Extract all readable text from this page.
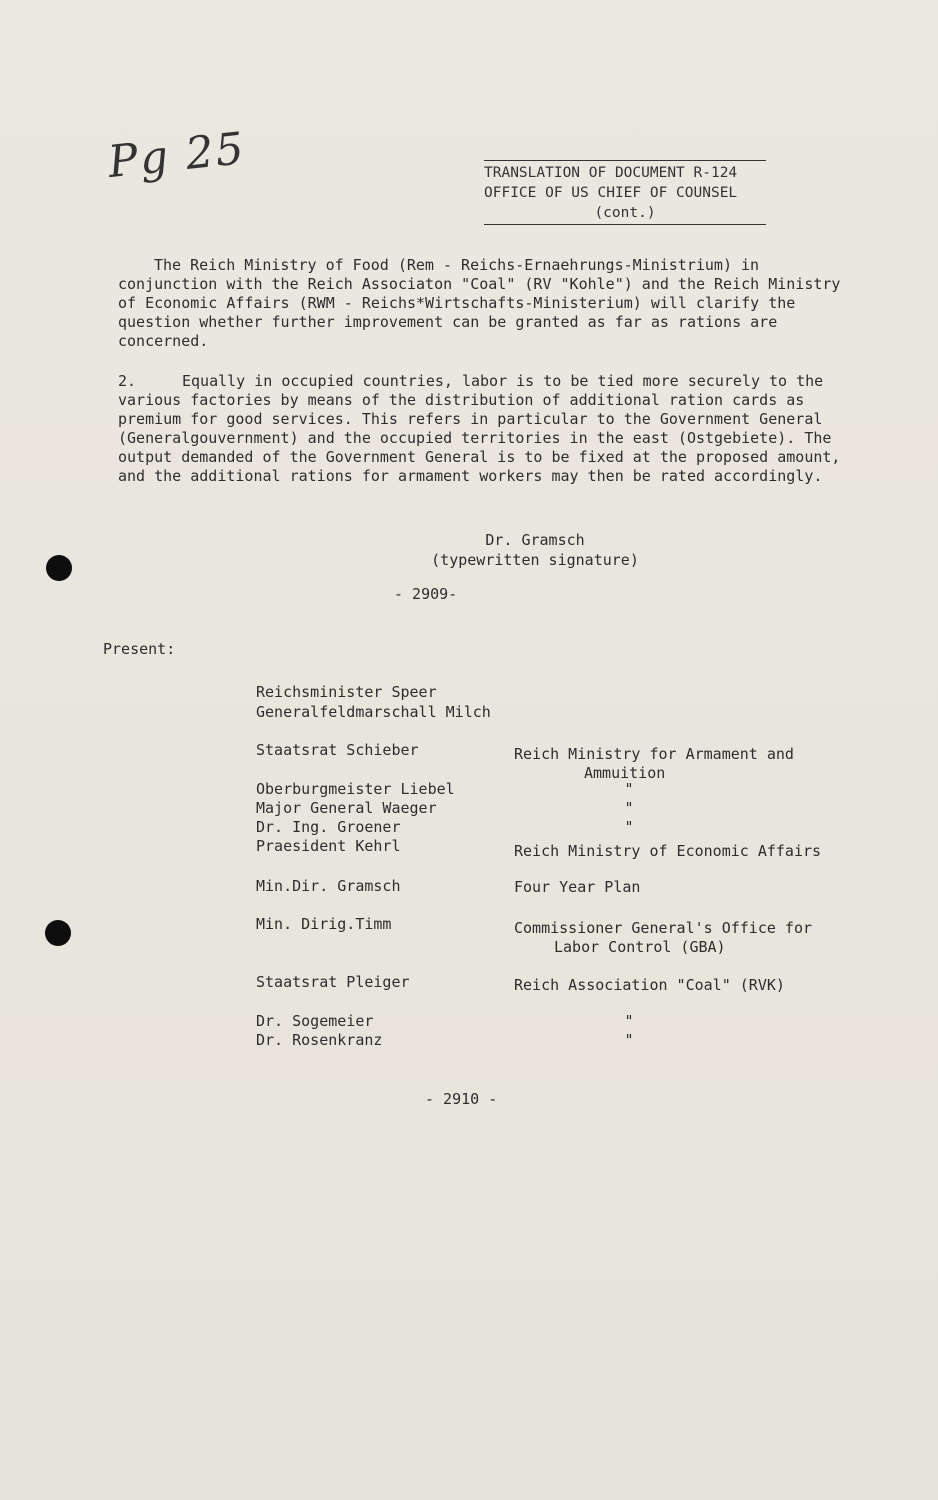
Pg 25	TRANSLATION OF DOCUMENT R-124
OFFICE OF US CHIEF OF COUNSEL
(cont.)

The Reich Ministry of Food (Rem - Reichs-Ernaehrungs-Ministrium) in conjunction with the Reich Associaton "Coal" (RV "Kohle") and the Reich Ministry of Economic Affairs (RWM - Reichs*Wirtschafts-Ministerium) will clarify the question whether further improvement can be granted as far as rations are concerned.

2.	Equally in occupied countries, labor is to be tied more securely to the various factories by means of the distribution of additional ration cards as premium for good services. This refers in particular to the Government General (Generalgouvernment) and the occupied territories in the east (Ostgebiete). The output demanded of the Government General is to be fixed at the proposed amount, and the additional rations for armament workers may then be rated accordingly.

Dr. Gramsch
(typewritten signature)
- 2909-
Present:
Reichsminister Speer
Generalfeldmarschall Milch
Staatsrat Schieber	Reich Ministry for Armament and
Ammuition
Oberburgmeister Liebel	"
Major General Waeger	"
Dr. Ing. Groener	"
Praesident Kehrl	Reich Ministry of Economic Affairs
Min.Dir. Gramsch	Four Year Plan
Min. Dirig.Timm	Commissioner General's Office for
Labor Control (GBA)
Staatsrat Pleiger	Reich Association "Coal" (RVK)
Dr. Sogemeier	"
Dr. Rosenkranz	"
- 2910 -
